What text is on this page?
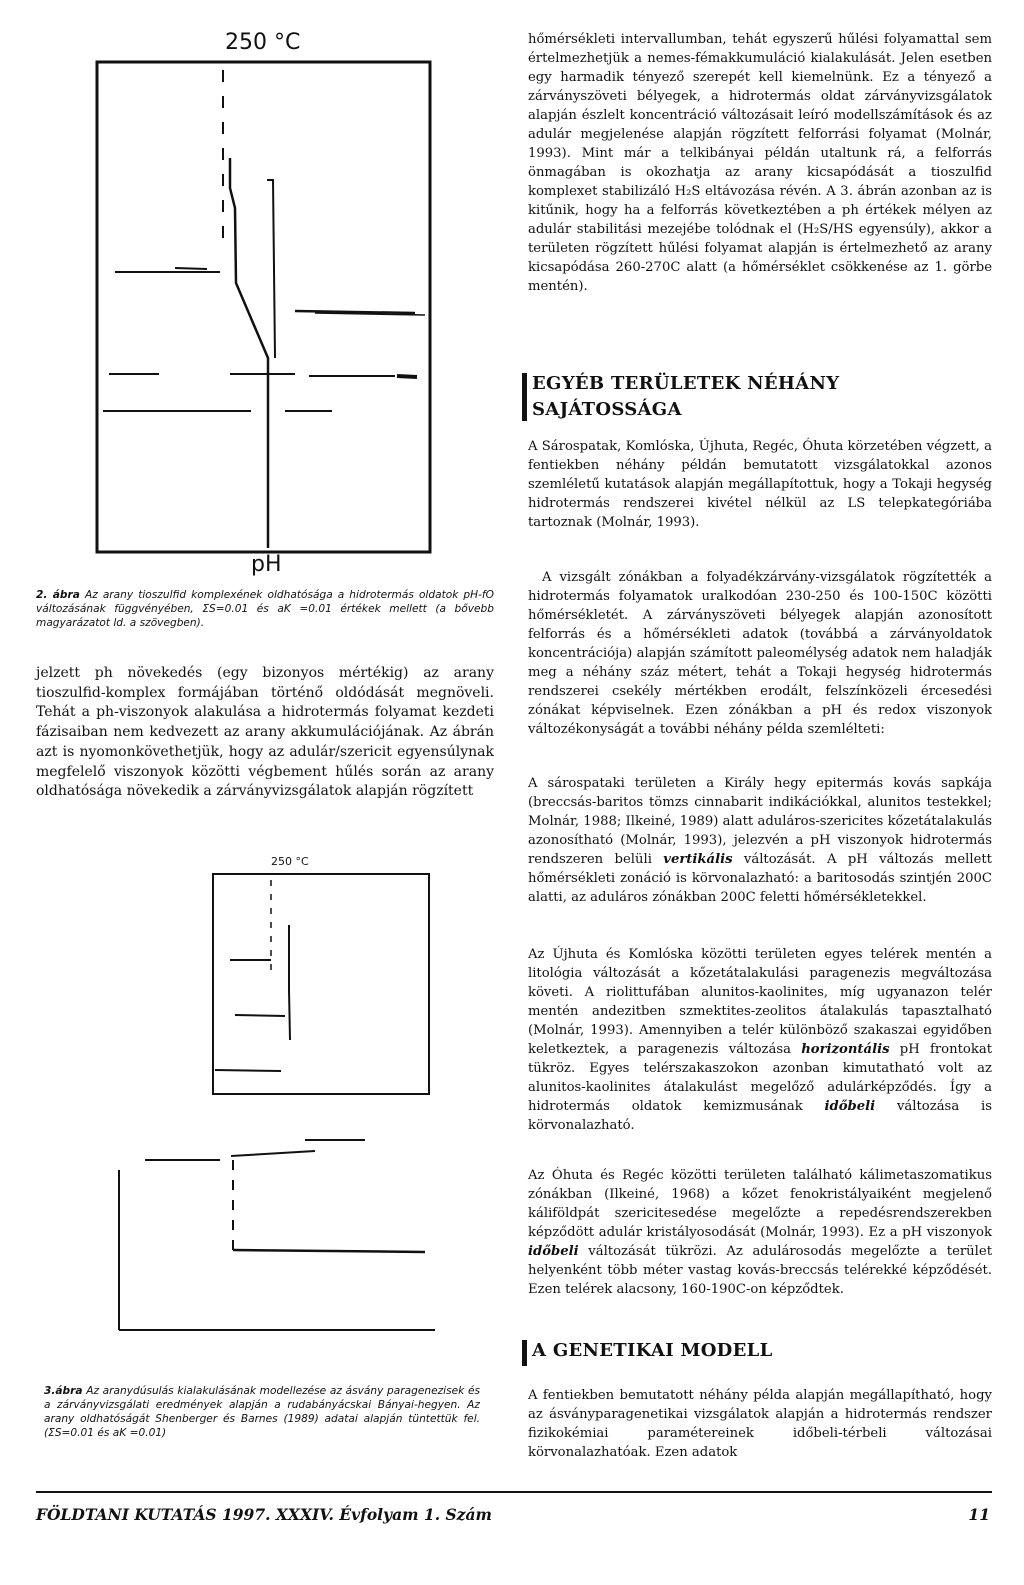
250 °C
pH
2. ábra Az arany tioszulfid komplexének oldhatósága a hidrotermás oldatok pH-fO változásának függvényében, ΣS=0.01 és aK =0.01 értékek mellett (a bővebb magyarázatot ld. a szövegben).

jelzett ph növekedés (egy bizonyos mértékig) az arany tioszulfid-komplex formájában történő oldódását megnöveli. Tehát a ph-viszonyok alakulása a hidrotermás folyamat kezdeti fázisaiban nem kedvezett az arany akkumulációjának. Az ábrán azt is nyomonkövethetjük, hogy az adulár/szericit egyensúlynak megfelelő viszonyok közötti végbement hűlés során az arany oldhatósága növekedik a zárványvizsgálatok alapján rögzített

250 °C
3.ábra Az aranydúsulás kialakulásának modellezése az ásvány paragenezisek és a zárványvizsgálati eredmények alapján a rudabányácskai Bányai-hegyen. Az arany oldhatóságát Shenberger és Barnes (1989) adatai alapján tüntettük fel. (ΣS=0.01 és aK =0.01)

hőmérsékleti intervallumban, tehát egyszerű hűlési folyamattal sem értelmezhetjük a nemes-fémakkumuláció kialakulását. Jelen esetben egy harmadik tényező szerepét kell kiemelnünk. Ez a tényező a zárványszöveti bélyegek, a hidrotermás oldat zárványvizsgálatok alapján észlelt koncentráció változásait leíró modellszámítások és az adulár megjelenése alapján rögzített felforrási folyamat (Molnár, 1993). Mint már a telkibányai példán utaltunk rá, a felforrás önmagában is okozhatja az arany kicsapódását a tioszulfid komplexet stabilizáló H₂S eltávozása révén. A 3. ábrán azonban az is kitűnik, hogy ha a felforrás következtében a ph értékek mélyen az adulár stabilitási mezejébe tolódnak el (H₂S/HS egyensúly), akkor a területen rögzített hűlési folyamat alapján is értelmezhető az arany kicsapódása 260-270C alatt (a hőmérséklet csökkenése az 1. görbe mentén).

EGYÉB TERÜLETEK NÉHÁNY
SAJÁTOSSÁGA

A Sárospatak, Komlóska, Újhuta, Regéc, Óhuta körzetében végzett, a fentiekben néhány példán bemutatott vizsgálatokkal azonos szemléletű kutatások alapján megállapítottuk, hogy a Tokaji hegység hidrotermás rendszerei kivétel nélkül az LS telepkategóriába tartoznak (Molnár, 1993).

A vizsgált zónákban a folyadékzárvány-vizsgálatok rögzítették a hidrotermás folyamatok uralkodóan 230-250 és 100-150C közötti hőmérsékletét. A zárványszöveti bélyegek alapján azonosított felforrás és a hőmérsékleti adatok (továbbá a zárványoldatok koncentrációja) alapján számított paleomélység adatok nem haladják meg a néhány száz métert, tehát a Tokaji hegység hidrotermás rendszerei csekély mértékben erodált, felszínközeli ércesedési zónákat képviselnek. Ezen zónákban a pH és redox viszonyok változékonyságát a további néhány példa szemlélteti:

A sárospataki területen a Király hegy epitermás kovás sapkája (breccsás-baritos tömzs cinnabarit indikációkkal, alunitos testekkel; Molnár, 1988; Ilkeiné, 1989) alatt aduláros-szericites kőzetátalakulás azonosítható (Molnár, 1993), jelezvén a pH viszonyok hidrotermás rendszeren belüli vertikális változását. A pH változás mellett hőmérsékleti zonáció is körvonalazható: a baritosodás szintjén 200C alatti, az aduláros zónákban 200C feletti hőmérsékletekkel.

Az Újhuta és Komlóska közötti területen egyes telérek mentén a litológia változását a kőzetátalakulási paragenezis megváltozása követi. A riolittufában alunitos-kaolinites, míg ugyanazon telér mentén andezitben szmektites-zeolitos átalakulás tapasztalható (Molnár, 1993). Amennyiben a telér különböző szakaszai egyidőben keletkeztek, a paragenezis változása horizontális pH frontokat tükröz. Egyes telérszakaszokon azonban kimutatható volt az alunitos-kaolinites átalakulást megelőző adulárképződés. Így a hidrotermás oldatok kemizmusának időbeli változása is körvonalazható.

Az Óhuta és Regéc közötti területen található kálimetaszomatikus zónákban (Ilkeiné, 1968) a kőzet fenokristályaiként megjelenő káliföldpát szericitesedése megelőzte a repedésrendszerekben képződött adulár kristályosodását (Molnár, 1993). Ez a pH viszonyok időbeli változását tükrözi. Az adulárosodás megelőzte a terület helyenként több méter vastag kovás-breccsás telérekké képződését. Ezen telérek alacsony, 160-190C-on képződtek.

A GENETIKAI MODELL

A fentiekben bemutatott néhány példa alapján megállapítható, hogy az ásványparagenetikai vizsgálatok alapján a hidrotermás rendszer fizikokémiai paramétereinek időbeli-térbeli változásai körvonalazhatóak. Ezen adatok

FÖLDTANI KUTATÁS 1997. XXXIV. Évfolyam 1. Szám	11
